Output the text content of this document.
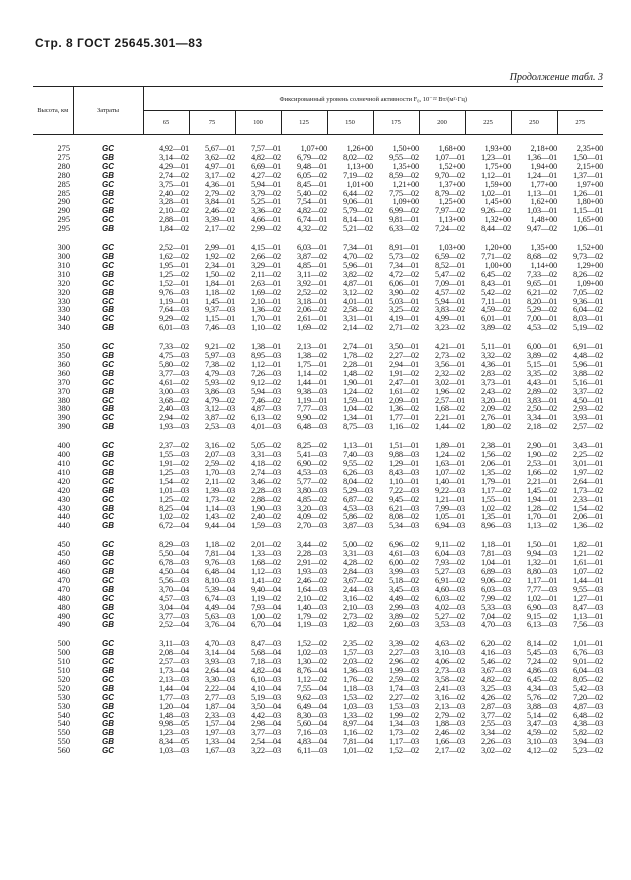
Стр. 8 ГОСТ 25645.301—83
Продолжение табл. 3
Высота, км	Затраты	Фиксированный уровень солнечной активности F₀, 10⁻²² Вт/(м²·Гц)									
		65	75	100	125	150	175	200	225	250	275

275	GC	4,92—01	5,67—01	7,57—01	1,07+00	1,26+00	1,50+00	1,68+00	1,93+00	2,18+00	2,35+00
275	GB	3,14—02	3,62—02	4,82—02	6,79—02	8,02—02	9,55—02	1,07—01	1,23—01	1,36—01	1,50—01
280	GC	4,29—01	4,97—01	6,69—01	9,48—01	1,13+00	1,35+00	1,52+00	1,75+00	1,94+00	2,15+00
280	GB	2,74—02	3,17—02	4,27—02	6,05—02	7,19—02	8,59—02	9,70—02	1,12—01	1,24—01	1,37—01
285	GC	3,75—01	4,36—01	5,94—01	8,45—01	1,01+00	1,21+00	1,37+00	1,59+00	1,77+00	1,97+00
285	GB	2,40—02	2,79—02	3,79—02	5,40—02	6,44—02	7,75—02	8,79—02	1,02—01	1,13—01	1,26—01
290	GC	3,28—01	3,84—01	5,25—01	7,54—01	9,06—01	1,09+00	1,25+00	1,45+00	1,62+00	1,80+00
290	GB	2,10—02	2,46—02	3,36—02	4,82—02	5,79—02	6,99—02	7,97—02	9,26—02	1,03—01	1,15—01
295	GC	2,88—01	3,39—01	4,66—01	6,74—01	8,14—01	9,81—01	1,13+00	1,32+00	1,48+00	1,65+00
295	GB	1,84—02	2,17—02	2,99—02	4,32—02	5,21—02	6,33—02	7,24—02	8,44—02	9,47—02	1,06—01

300	GC	2,52—01	2,99—01	4,15—01	6,03—01	7,34—01	8,91—01	1,03+00	1,20+00	1,35+00	1,52+00
300	GB	1,62—02	1,92—02	2,66—02	3,87—02	4,70—02	5,73—02	6,59—02	7,71—02	8,68—02	9,73—02
310	GC	1,95—01	2,34—01	3,29—01	4,85—01	5,96—01	7,34—01	8,52—01	1,00+00	1,14+00	1,29+00
310	GB	1,25—02	1,50—02	2,11—02	3,11—02	3,82—02	4,72—02	5,47—02	6,45—02	7,33—02	8,26—02
320	GC	1,52—01	1,84—01	2,63—01	3,92—01	4,87—01	6,06—01	7,09—01	8,43—01	9,65—01	1,09+00
320	GB	9,76—03	1,18—02	1,69—02	2,52—02	3,12—02	3,90—02	4,57—02	5,42—02	6,21—02	7,05—02
330	GC	1,19—01	1,45—01	2,10—01	3,18—01	4,01—01	5,03—01	5,94—01	7,11—01	8,20—01	9,36—01
330	GB	7,64—03	9,37—03	1,36—02	2,06—02	2,58—02	3,25—02	3,83—02	4,59—02	5,29—02	6,04—02
340	GC	9,29—02	1,15—01	1,70—01	2,61—01	3,31—01	4,19—01	4,99—01	6,01—01	7,00—01	8,03—01
340	GB	6,01—03	7,46—03	1,10—02	1,69—02	2,14—02	2,71—02	3,23—02	3,89—02	4,53—02	5,19—02

350	GC	7,33—02	9,21—02	1,38—01	2,13—01	2,74—01	3,50—01	4,21—01	5,11—01	6,00—01	6,91—01
350	GB	4,75—03	5,97—03	8,95—03	1,38—02	1,78—02	2,27—02	2,73—02	3,32—02	3,89—02	4,48—02
360	GC	5,80—02	7,38—02	1,12—01	1,75—01	2,28—01	2,94—01	3,56—01	4,36—01	5,15—01	5,96—01
360	GB	3,77—03	4,79—03	7,26—03	1,14—02	1,48—02	1,91—02	2,32—02	2,83—02	3,35—02	3,88—02
370	GC	4,61—02	5,93—02	9,12—02	1,44—01	1,90—01	2,47—01	3,02—01	3,73—01	4,43—01	5,16—01
370	GB	3,00—03	3,86—03	5,94—03	9,38—03	1,24—02	1,61—02	1,96—02	2,43—02	2,89—02	3,37—02
380	GC	3,68—02	4,79—02	7,46—02	1,19—01	1,59—01	2,09—01	2,57—01	3,20—01	3,83—01	4,50—01
380	GB	2,40—03	3,12—03	4,87—03	7,77—03	1,04—02	1,36—02	1,68—02	2,09—02	2,50—02	2,93—02
390	GC	2,94—02	3,87—02	6,13—02	9,90—02	1,34—01	1,77—01	2,21—01	2,76—01	3,34—01	3,93—01
390	GB	1,93—03	2,53—03	4,01—03	6,48—03	8,75—03	1,16—02	1,44—02	1,80—02	2,18—02	2,57—02

400	GC	2,37—02	3,16—02	5,05—02	8,25—02	1,13—01	1,51—01	1,89—01	2,38—01	2,90—01	3,43—01
400	GB	1,55—03	2,07—03	3,31—03	5,41—03	7,40—03	9,88—03	1,24—02	1,56—02	1,90—02	2,25—02
410	GC	1,91—02	2,59—02	4,18—02	6,90—02	9,55—02	1,29—01	1,63—01	2,06—01	2,53—01	3,01—01
410	GB	1,25—03	1,70—03	2,74—03	4,53—03	6,26—03	8,43—03	1,07—02	1,35—02	1,66—02	1,97—02
420	GC	1,54—02	2,11—02	3,46—02	5,77—02	8,04—02	1,10—01	1,40—01	1,79—01	2,21—01	2,64—01
420	GB	1,01—03	1,39—03	2,28—03	3,80—03	5,29—03	7,22—03	9,22—03	1,17—02	1,45—02	1,73—02
430	GC	1,25—02	1,73—02	2,88—02	4,85—02	6,87—02	9,45—02	1,21—01	1,55—01	1,94—01	2,33—01
430	GB	8,25—04	1,14—03	1,90—03	3,20—03	4,53—03	6,21—03	7,99—03	1,02—02	1,28—02	1,54—02
440	GC	1,02—02	1,43—02	2,40—02	4,09—02	5,86—02	8,08—02	1,05—01	1,35—01	1,70—01	2,06—01
440	GB	6,72—04	9,44—04	1,59—03	2,70—03	3,87—03	5,34—03	6,94—03	8,96—03	1,13—02	1,36—02

450	GC	8,29—03	1,18—02	2,01—02	3,44—02	5,00—02	6,96—02	9,11—02	1,18—01	1,50—01	1,82—01
450	GB	5,50—04	7,81—04	1,33—03	2,28—03	3,31—03	4,61—03	6,04—03	7,81—03	9,94—03	1,21—02
460	GC	6,78—03	9,76—03	1,68—02	2,91—02	4,28—02	6,00—02	7,93—02	1,04—01	1,32—01	1,61—01
460	GB	4,50—04	6,48—04	1,12—03	1,93—03	2,84—03	3,99—03	5,27—03	6,89—03	8,80—03	1,07—02
470	GC	5,56—03	8,10—03	1,41—02	2,46—02	3,67—02	5,18—02	6,91—02	9,06—02	1,17—01	1,44—01
470	GB	3,70—04	5,39—04	9,40—04	1,64—03	2,44—03	3,45—03	4,60—03	6,03—03	7,77—03	9,55—03
480	GC	4,57—03	6,74—03	1,19—02	2,10—02	3,16—02	4,49—02	6,03—02	7,99—02	1,02—01	1,27—01
480	GB	3,04—04	4,49—04	7,93—04	1,40—03	2,10—03	2,99—03	4,02—03	5,33—03	6,90—03	8,47—03
490	GC	3,77—03	5,63—03	1,00—02	1,79—02	2,73—02	3,89—02	5,27—02	7,04—02	9,15—02	1,13—01
490	GB	2,52—04	3,76—04	6,70—04	1,19—03	1,82—03	2,60—03	3,53—03	4,70—03	6,13—03	7,56—03

500	GC	3,11—03	4,70—03	8,47—03	1,52—02	2,35—02	3,39—02	4,63—02	6,20—02	8,14—02	1,01—01
500	GB	2,08—04	3,14—04	5,68—04	1,02—03	1,57—03	2,27—03	3,10—03	4,16—03	5,45—03	6,76—03
510	GC	2,57—03	3,93—03	7,18—03	1,30—02	2,03—02	2,96—02	4,06—02	5,46—02	7,24—02	9,01—02
510	GB	1,73—04	2,64—04	4,82—04	8,76—04	1,36—03	1,99—03	2,73—03	3,67—03	4,86—03	6,04—03
520	GC	2,13—03	3,30—03	6,10—03	1,12—02	1,76—02	2,59—02	3,58—02	4,82—02	6,45—02	8,05—02
520	GB	1,44—04	2,22—04	4,10—04	7,55—04	1,18—03	1,74—03	2,41—03	3,25—03	4,34—03	5,42—03
530	GC	1,77—03	2,77—03	5,19—03	9,62—03	1,53—02	2,27—02	3,16—02	4,26—02	5,76—02	7,20—02
530	GB	1,20—04	1,87—04	3,50—04	6,49—04	1,03—03	1,53—03	2,13—03	2,87—03	3,88—03	4,87—03
540	GC	1,48—03	2,33—03	4,42—03	8,30—03	1,33—02	1,99—02	2,79—02	3,77—02	5,14—02	6,48—02
540	GB	9,98—05	1,57—04	2,98—04	5,60—04	8,97—04	1,34—03	1,88—03	2,55—03	3,47—03	4,38—03
550	GB	1,23—03	1,97—03	3,77—03	7,16—03	1,16—02	1,73—02	2,46—02	3,34—02	4,59—02	5,82—02
550	GB	8,34—05	1,33—04	2,54—04	4,83—04	7,81—04	1,17—03	1,66—03	2,26—03	3,10—03	3,94—03
560	GC	1,03—03	1,67—03	3,22—03	6,11—03	1,01—02	1,52—02	2,17—02	3,02—02	4,12—02	5,23—02
